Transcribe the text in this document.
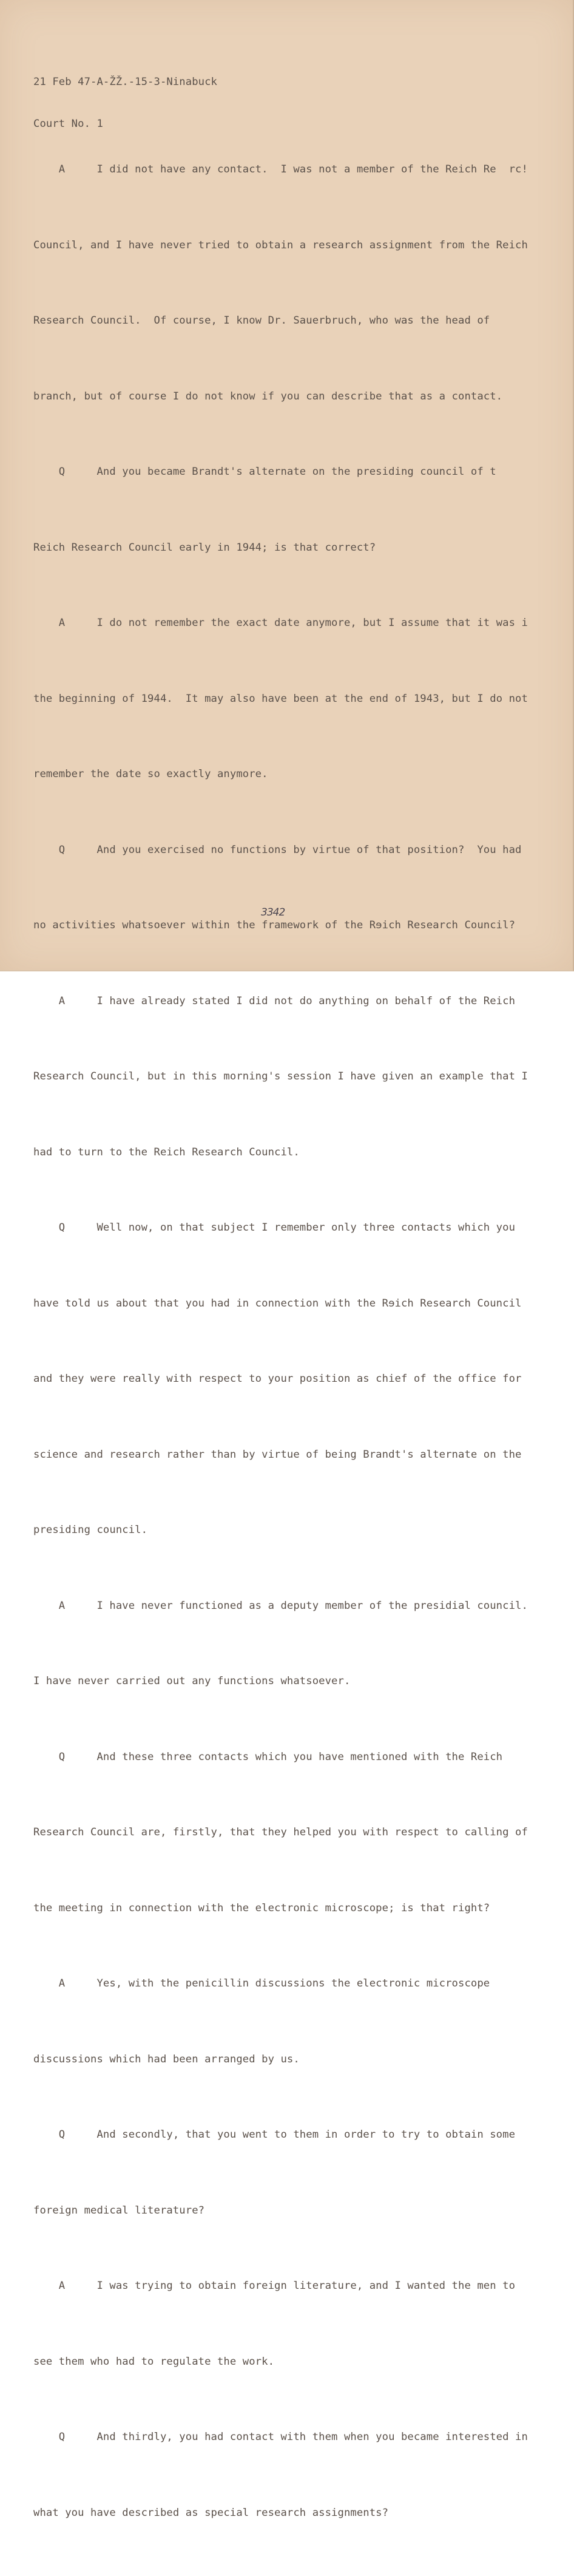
21 Feb 47-A-ŽŽ.-15-3-Ninabuck

Court No. 1

A     I did not have any contact.  I was not a member of the Reich Re  rc!

Council, and I have never tried to obtain a research assignment from the Reich

Research Council.  Of course, I know Dr. Sauerbruch, who was the head of

branch, but of course I do not know if you can describe that as a contact.

Q     And you became Brandt's alternate on the presiding council of t

Reich Research Council early in 1944; is that correct?

A     I do not remember the exact date anymore, but I assume that it was i

the beginning of 1944.  It may also have been at the end of 1943, but I do not

remember the date so exactly anymore.

Q     And you exercised no functions by virtue of that position?  You had

no activities whatsoever within the framework of the Rɘich Research Council?

A     I have already stated I did not do anything on behalf of the Reich

Research Council, but in this morning's session I have given an example that I

had to turn to the Reich Research Council.

Q     Well now, on that subject I remember only three contacts which you

have told us about that you had in connection with the Rɘich Research Council

and they were really with respect to your position as chief of the office for

science and research rather than by virtue of being Brandt's alternate on the

presiding council.

A     I have never functioned as a deputy member of the presidial council.

I have never carried out any functions whatsoever.

Q     And these three contacts which you have mentioned with the Reich

Research Council are, firstly, that they helped you with respect to calling of

the meeting in connection with the electronic microscope; is that right?

A     Yes, with the penicillin discussions the electronic microscope

discussions which had been arranged by us.

Q     And secondly, that you went to them in order to try to obtain some

foreign medical literature?

A     I was trying to obtain foreign literature, and I wanted the men to

see them who had to regulate the work.

Q     And thirdly, you had contact with them when you became interested in

what you have described as special research assignments?

3342
